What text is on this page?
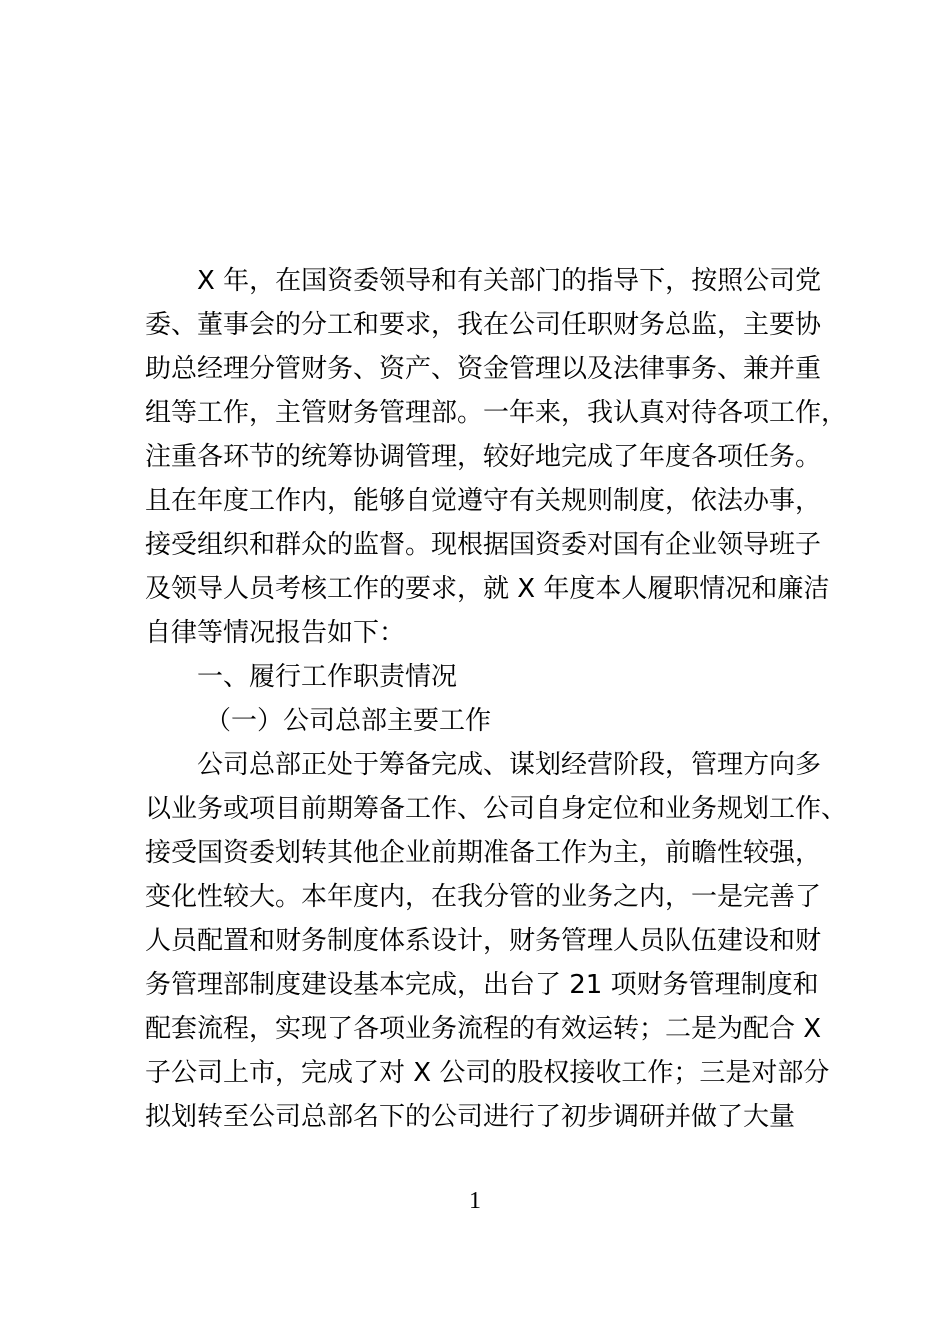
X 年，在国资委领导和有关部门的指导下，按照公司党
委、董事会的分工和要求，我在公司任职财务总监，主要协
助总经理分管财务、资产、资金管理以及法律事务、兼并重
组等工作，主管财务管理部。一年来，我认真对待各项工作，
注重各环节的统筹协调管理，较好地完成了年度各项任务。
且在年度工作内，能够自觉遵守有关规则制度，依法办事，
接受组织和群众的监督。现根据国资委对国有企业领导班子
及领导人员考核工作的要求，就 X 年度本人履职情况和廉洁
自律等情况报告如下：
一、履行工作职责情况
（一）公司总部主要工作
公司总部正处于筹备完成、谋划经营阶段，管理方向多
以业务或项目前期筹备工作、公司自身定位和业务规划工作、
接受国资委划转其他企业前期准备工作为主，前瞻性较强，
变化性较大。本年度内，在我分管的业务之内，一是完善了
人员配置和财务制度体系设计，财务管理人员队伍建设和财
务管理部制度建设基本完成，出台了 21 项财务管理制度和
配套流程，实现了各项业务流程的有效运转；二是为配合 X
子公司上市，完成了对 X 公司的股权接收工作；三是对部分
拟划转至公司总部名下的公司进行了初步调研并做了大量
1
